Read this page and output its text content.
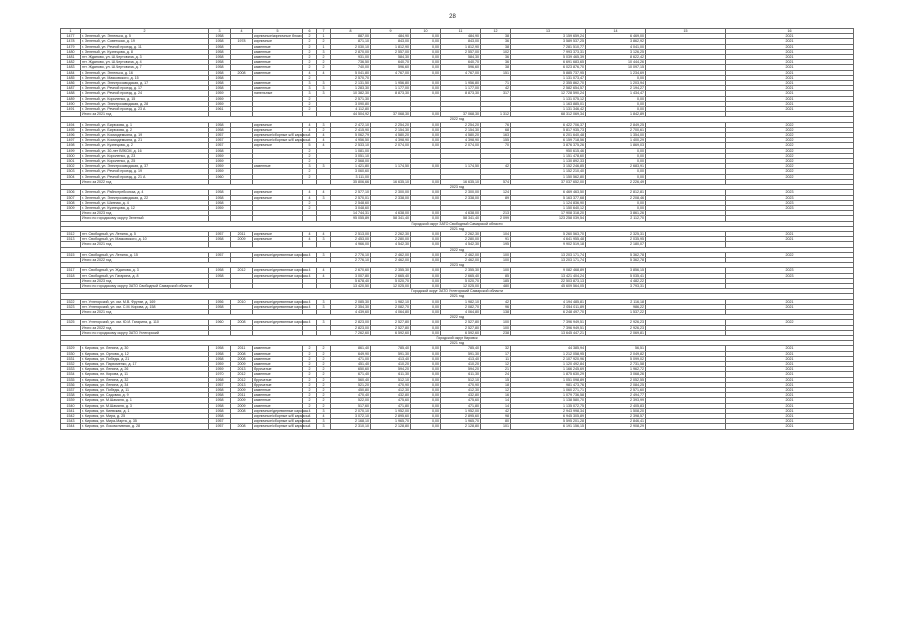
28
1	2	3	4	5	6	7	8	9	10	11	12	13	14	15	16
1477	г. Зеленый, ул. Энгельса, д. 5	1958		кирпичные/кирпичные блоки	2	1	887,00	484,90	0,00	484,90	38	3 159 659,24	6 469,00		2021
1478	г. Зеленый, ул. Советская, д. 19	1958	1978	кирпичные	2	2	871,10	843,00	0,00	843,00	36	3 589 537,25	3 862,92		2021
1479	г. Зеленый, ул. Речной проезд, д. 11	1958		каменные	2	1	2 030,10	1 812,90	0,00	1 812,90	38	7 281 510,77	4 041,00		2021
1480	г. Зеленый, ул. Кузнецова, д. 8	1958		каменные	2	3	2 870,00	2 557,00	0,00	2 557,00	102	7 993 373,31	3 126,25		2021
1481	пгт. Жданово, ул. Ш.Чертовича, д. 3	1958		каменные	2	2	931,00	584,30	0,00	584,30	36	5 039 465,39	8 622,42		2021
1482	пгт. Жданово, ул. Ш.Чертовича, д. 4	1958		каменные	2	2	736,50	640,70	0,00	640,70	36	6 691 683,65	10 444,26		2021
1483	пгт. Жданово, ул. Ш.Чертовича, д. 7	1958		каменные	2	2	740,00	596,60	0,00	596,60	38	6 023 876,70	10 097,15		2021
1484	г. Зеленый, ул. Энгельса, д. 16	1958	2008	каменные	4	4	5 041,80	4 767,00	0,00	4 767,00	151	5 885 737,95	1 234,69		2021
1485	г. Зеленый, ул. Маяковского, д. 15	1958			2		2 570,70					1 131 073,47	0,00		2021
1486	г. Зеленый, ул. Электрозаводская, д. 17	1958		каменные	3	3	2 131,50	1 956,80	0,00	1 956,80	71	2 355 862,70	1 203,94		2021
1487	г. Зеленый, ул. Речной проезд, д. 17	1958		каменные	3	3	1 283,30	1 177,00	0,00	1 177,00	42	2 582 654,57	2 194,27		2021
1488	г. Зеленый, ул. Речной проезд, д. 24	1959		панельные	3	3	10 382,30	8 873,30	0,00	8 873,30	317	12 728 590,24	1 434,47		2021
1489	г. Зеленый, ул. Короленко, д. 15	1959			2		2 571,30					1 131 075,12	0,00		2021
1490	г. Зеленый, ул. Электрозаводская, д. 28	1959			2		3 090,80					1 163 885,01	0,00		2021
1491	г. Зеленый, ул. Речной проезд, д. 23 А	1961			2		4 112,80					1 131 346,42	0,00		2021
	Итого за 2021 год						44 504,92	37 068,30	0,00	37 068,30	1 312	68 312 069,34	1 842,89		
2022 год															
1494	г. Зеленый, ул. Бирюзова, д. 1	1958		кирпичные	4	3	2 472,10	2 254,20	0,00	2 254,20	76	6 422 706,37	2 849,25		2022
1495	г. Зеленый, ул. Бирюзова, д. 2	1958		кирпичные	4	2	2 415,90	2 154,30	0,00	2 154,30	68	5 817 935,73	2 700,61		2022
1496	г. Зеленый, ул. Космодемьяна, д. 19	1957		кирпичные/сборные ж/б каркасы	4	4	5 062,79	4 580,20	0,00	4 580,20	163	6 201 640,48	1 354,00		2022
1497	г. Зеленый, ул. Космодемьяна, д. 21	1957		кирпичные/сборные ж/б каркасы	4	4	4 956,50	4 398,90	0,00	4 398,90	155	6 159 718,56	1 400,29		2022
1498	г. Зеленый, ул. Кузнецова, д. 2	1957		кирпичные	5	4	2 533,10	2 074,00	0,00	2 074,00	70	3 876 375,26	1 869,03		2022
1499	г. Зеленый, ул. 30-лет ВЛКСМ, д. 16	1958			2		1 081,00					950 615,46	0,00		2022
1500	г. Зеленый, ул. Короленко, д. 23	1959			2		3 051,10					1 151 478,60	0,00		2022
1501	г. Зеленый, ул. Короленко, д. 25	1959			2		2 568,00					1 130 892,33	0,00		2022
1502	г. Зеленый, ул. Электрозаводская, д. 37	1959		каменные	3	3	1 421,80	1 174,50	0,00	1 174,50	42	3 152 246,85	2 683,91		2022
1503	г. Зеленый, ул. Речной проезд, д. 19	1959			2		3 060,60					1 152 210,40	0,00		2022
1504	г. Зеленый, ул. Речной проезд, д. 21 А	1960			2		3 111,00					1 150 562,80	0,00		2022
	Итого за 2022 год						35 806,66	16 635,10	0,00	16 635,10	574	37 037 652,00	2 226,49		
2023 год															
1506	г. Зеленый, ул. Райпотребсоюза, д. 4	1958		кирпичные	4	4	2 577,10	2 300,00	0,00	2 300,00	124	6 469 463,50	2 812,81		2023
1507	г. Зеленый, ул. Электрозаводская, д. 22	1958		кирпичные	4	3	2 570,01	2 338,00	0,00	2 338,00	89	5 163 377,68	2 208,46		2023
1508	г. Зеленый, ул. Шинная, д. 4	1958			2		2 548,60					1 124 836,90	0,00		2023
1509	г. Зеленый, ул. Кузнецова, д. 12	1959			2		3 048,60					1 150 640,12	0,00		2023
	Итого за 2023 год						14 744,31	4 638,00	0,00	4 638,00	213	17 908 318,20	3 861,26		
	Итого по городскому округу Зеленый						95 055,89	58 341,40	0,00	58 341,40	2 099	123 258 039,54	2 112,70		
Городской округ ЗАТО Свободный Самарской области															
2021 год															
1512	пгт. Свободный, ул. Ленина, д. 5	1957	2011	кирпичные	4	4	2 513,00	2 262,30	0,00	2 262,30	104	5 260 563,70	2 325,31		2021
1513	пгт. Свободный, ул. Маяковского, д. 10	1958	2009	кирпичные	4	3	2 453,00	2 280,00	0,00	2 280,00	91	4 641 955,48	2 035,95		2021
	Итого за 2021 год						4 966,00	4 542,30	0,00	4 542,30	195	9 902 519,18	2 180,07		
2022 год															
1515	пгт. Свободный, ул. Ленина, д. 15	1957		кирпичные/деревянные каркасы	4	3	2 776,10	2 462,00	0,00	2 462,00	100	13 203 171,74	5 362,78		2022
	Итого за 2022 год						2 776,10	2 462,00	0,00	2 462,00	100	13 203 171,74	5 362,78		
2023 год															
1517	пгт. Свободный, ул. Жданова, д. 3	1958	2012	кирпичные/деревянные каркасы	4	4	2 670,60	2 355,30	0,00	2 355,30	100	9 082 468,89	3 856,15		2023
1518	пгт. Свободный, ул. Гагарина, д. 8	1958		кирпичные/деревянные каркасы	4	4	3 007,80	2 665,40	0,00	2 665,40	85	13 421 404,24	5 035,41		2023
	Итого за 2023 год						5 678,40	5 020,70	0,00	5 020,70	185	22 503 873,13	4 482,22		
	Итого по городскому округу ЗАТО Свободный Самарской области						13 420,50	12 025,00	0,00	12 025,00	480	45 609 564,05	3 793,31		
Городской округ ЗАТО Углегорский Самарской области															
2021 год															
1522	пгт. Углегорский, ул. им. М.В. Фрунзе, д. 169	1956	2010	кирпичные/деревянные каркасы	4	3	2 085,30	1 982,10	0,00	1 982,10	42	4 194 485,81	2 116,18		2021
1523	пгт. Углегорский, ул. им. С.М. Кирова, д. 158	1958		кирпичные/деревянные каркасы	4	3	2 354,30	2 082,70	0,00	2 082,70	96	2 054 011,89	986,22		2021
	Итого за 2021 год						4 439,60	4 064,80	0,00	4 064,80	138	6 248 497,70	1 537,22		
2022 год															
1525	пгт. Углегорский, ул. им. Ю.И. Гагарина, д. 110	1960	2008	кирпичные/деревянные каркасы	4	3	2 823,00	2 527,80	0,00	2 527,80	100	7 396 949,51	2 926,23		2022
	Итого за 2022 год						2 823,00	2 527,80	0,00	2 527,80	100	7 396 949,51	2 926,23		
	Итого по городскому округу ЗАТО Углегорский						7 262,60	6 592,60	0,00	6 592,60	238	13 645 447,21	2 069,81		
Городской округ Кировск															
2021 год															
1529	г. Кировск, ул. Ленина, д. 30	1958	2011	каменные	2	2	861,40	785,40	0,00	785,40	32	44 385,94	56,51		2021
1530	г. Кировск, ул. Орлова, д. 12	1958	2008	каменные	2	2	649,90	591,30	0,00	591,30	17	1 212 058,95	2 049,82		2021
1531	г. Кировск, ул. Победы, д. 21	1958	2008	каменные	2	2	471,00	413,40	0,00	413,40	11	2 107 920,96	5 099,02		2021
1532	г. Кировск, ул. Пархоменко, д. 17	1959	2009	каменные	2	2	451,40	410,20	0,00	410,20	12	1 120 492,84	2 731,58		2021
1533	г. Кировск, ул. Ленина, д. 26	1959	2013	брусчатые	2	2	650,60	594,20	0,00	594,20	21	1 166 245,69	1 962,72		2021
1534	г. Кировск, пл. Кирова, д. 11	1970	2012	каменные	2	2	671,40	611,30	0,00	611,30	24	1 875 630,29	3 068,26		2021
1535	г. Кировск, ул. Ленина, д. 32	1958	2012	брусчатые	2	2	560,40	512,10	0,00	512,10	15	1 051 098,89	2 052,55		2021
1536	г. Кировск, ул. Ленина, д. 34	1957	2013	брусчатые	2	2	521,20	470,90	0,00	470,90	18	981 473,76	2 084,25		2021
1537	г. Кировск, ул. Победы, д. 11	1958	2009	каменные	2	2	450,80	412,30	0,00	412,30	12	1 060 271,71	2 571,60		2021
1538	г. Кировск, ул. Садовая, д. 9	1958	2011	каменные	2	2	470,40	432,80	0,00	432,80	16	1 079 736,58	2 494,77		2021
1539	г. Кировск, ул. М.Шамиля, д. 1	1958	2009	каменные	2	2	522,00	475,60	0,00	475,60	14	1 138 580,70	2 393,99		2021
1540	г. Кировск, ул. М.Шамиля, д. 3	1958	2009	каменные	2	2	517,60	471,80	0,00	471,80	14	1 135 072,75	2 405,83		2021
1541	г. Кировск, ул. Киевская, д. 1	1958	2008	кирпичные/деревянные каркасы	4	3	2 070,10	1 952,00	0,00	1 952,00	42	2 943 998,34	1 508,20		2021
1542	г. Кировск, ул. Мира, д. 25	1958		кирпичные/сборные ж/б каркасы	4	4	3 072,10	2 895,60	0,00	2 895,60	98	6 945 305,89	2 398,57		2021
1543	г. Кировск, ул. Мира-Марта, д. 35	1957		кирпичные/сборные ж/б каркасы	4	3	2 168,10	1 965,70	0,00	1 965,70	80	5 595 201,28	2 846,41		2021
1544	г. Кировск, ул. Локомотивная, д. 28	1957	2008	кирпичные/сборные ж/б каркасы	4	3	2 310,10	2 128,80	0,00	2 128,80	101	6 191 156,15	2 908,29		2021
